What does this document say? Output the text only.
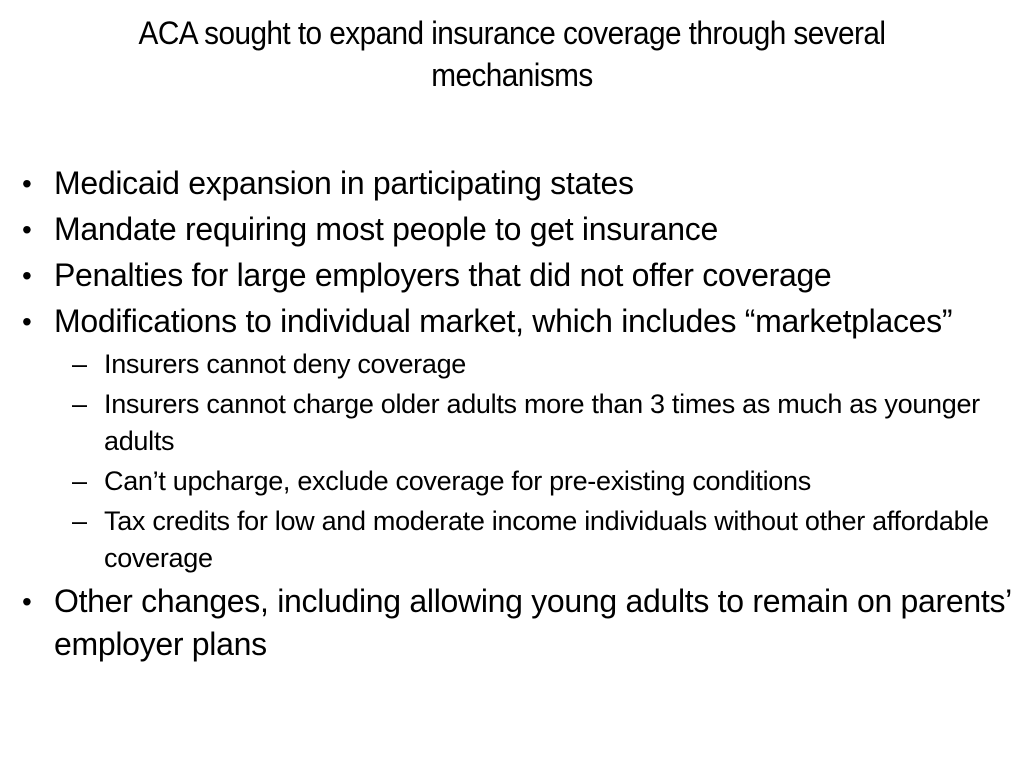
ACA sought to expand insurance coverage through several mechanisms
• Medicaid expansion in participating states
• Mandate requiring most people to get insurance
• Penalties for large employers that did not offer coverage
• Modifications to individual market, which includes “marketplaces”
– Insurers cannot deny coverage
– Insurers cannot charge older adults more than 3 times as much as younger adults
– Can’t upcharge, exclude coverage for pre-existing conditions
– Tax credits for low and moderate income individuals without other affordable coverage
• Other changes, including allowing young adults to remain on parents’ employer plans
